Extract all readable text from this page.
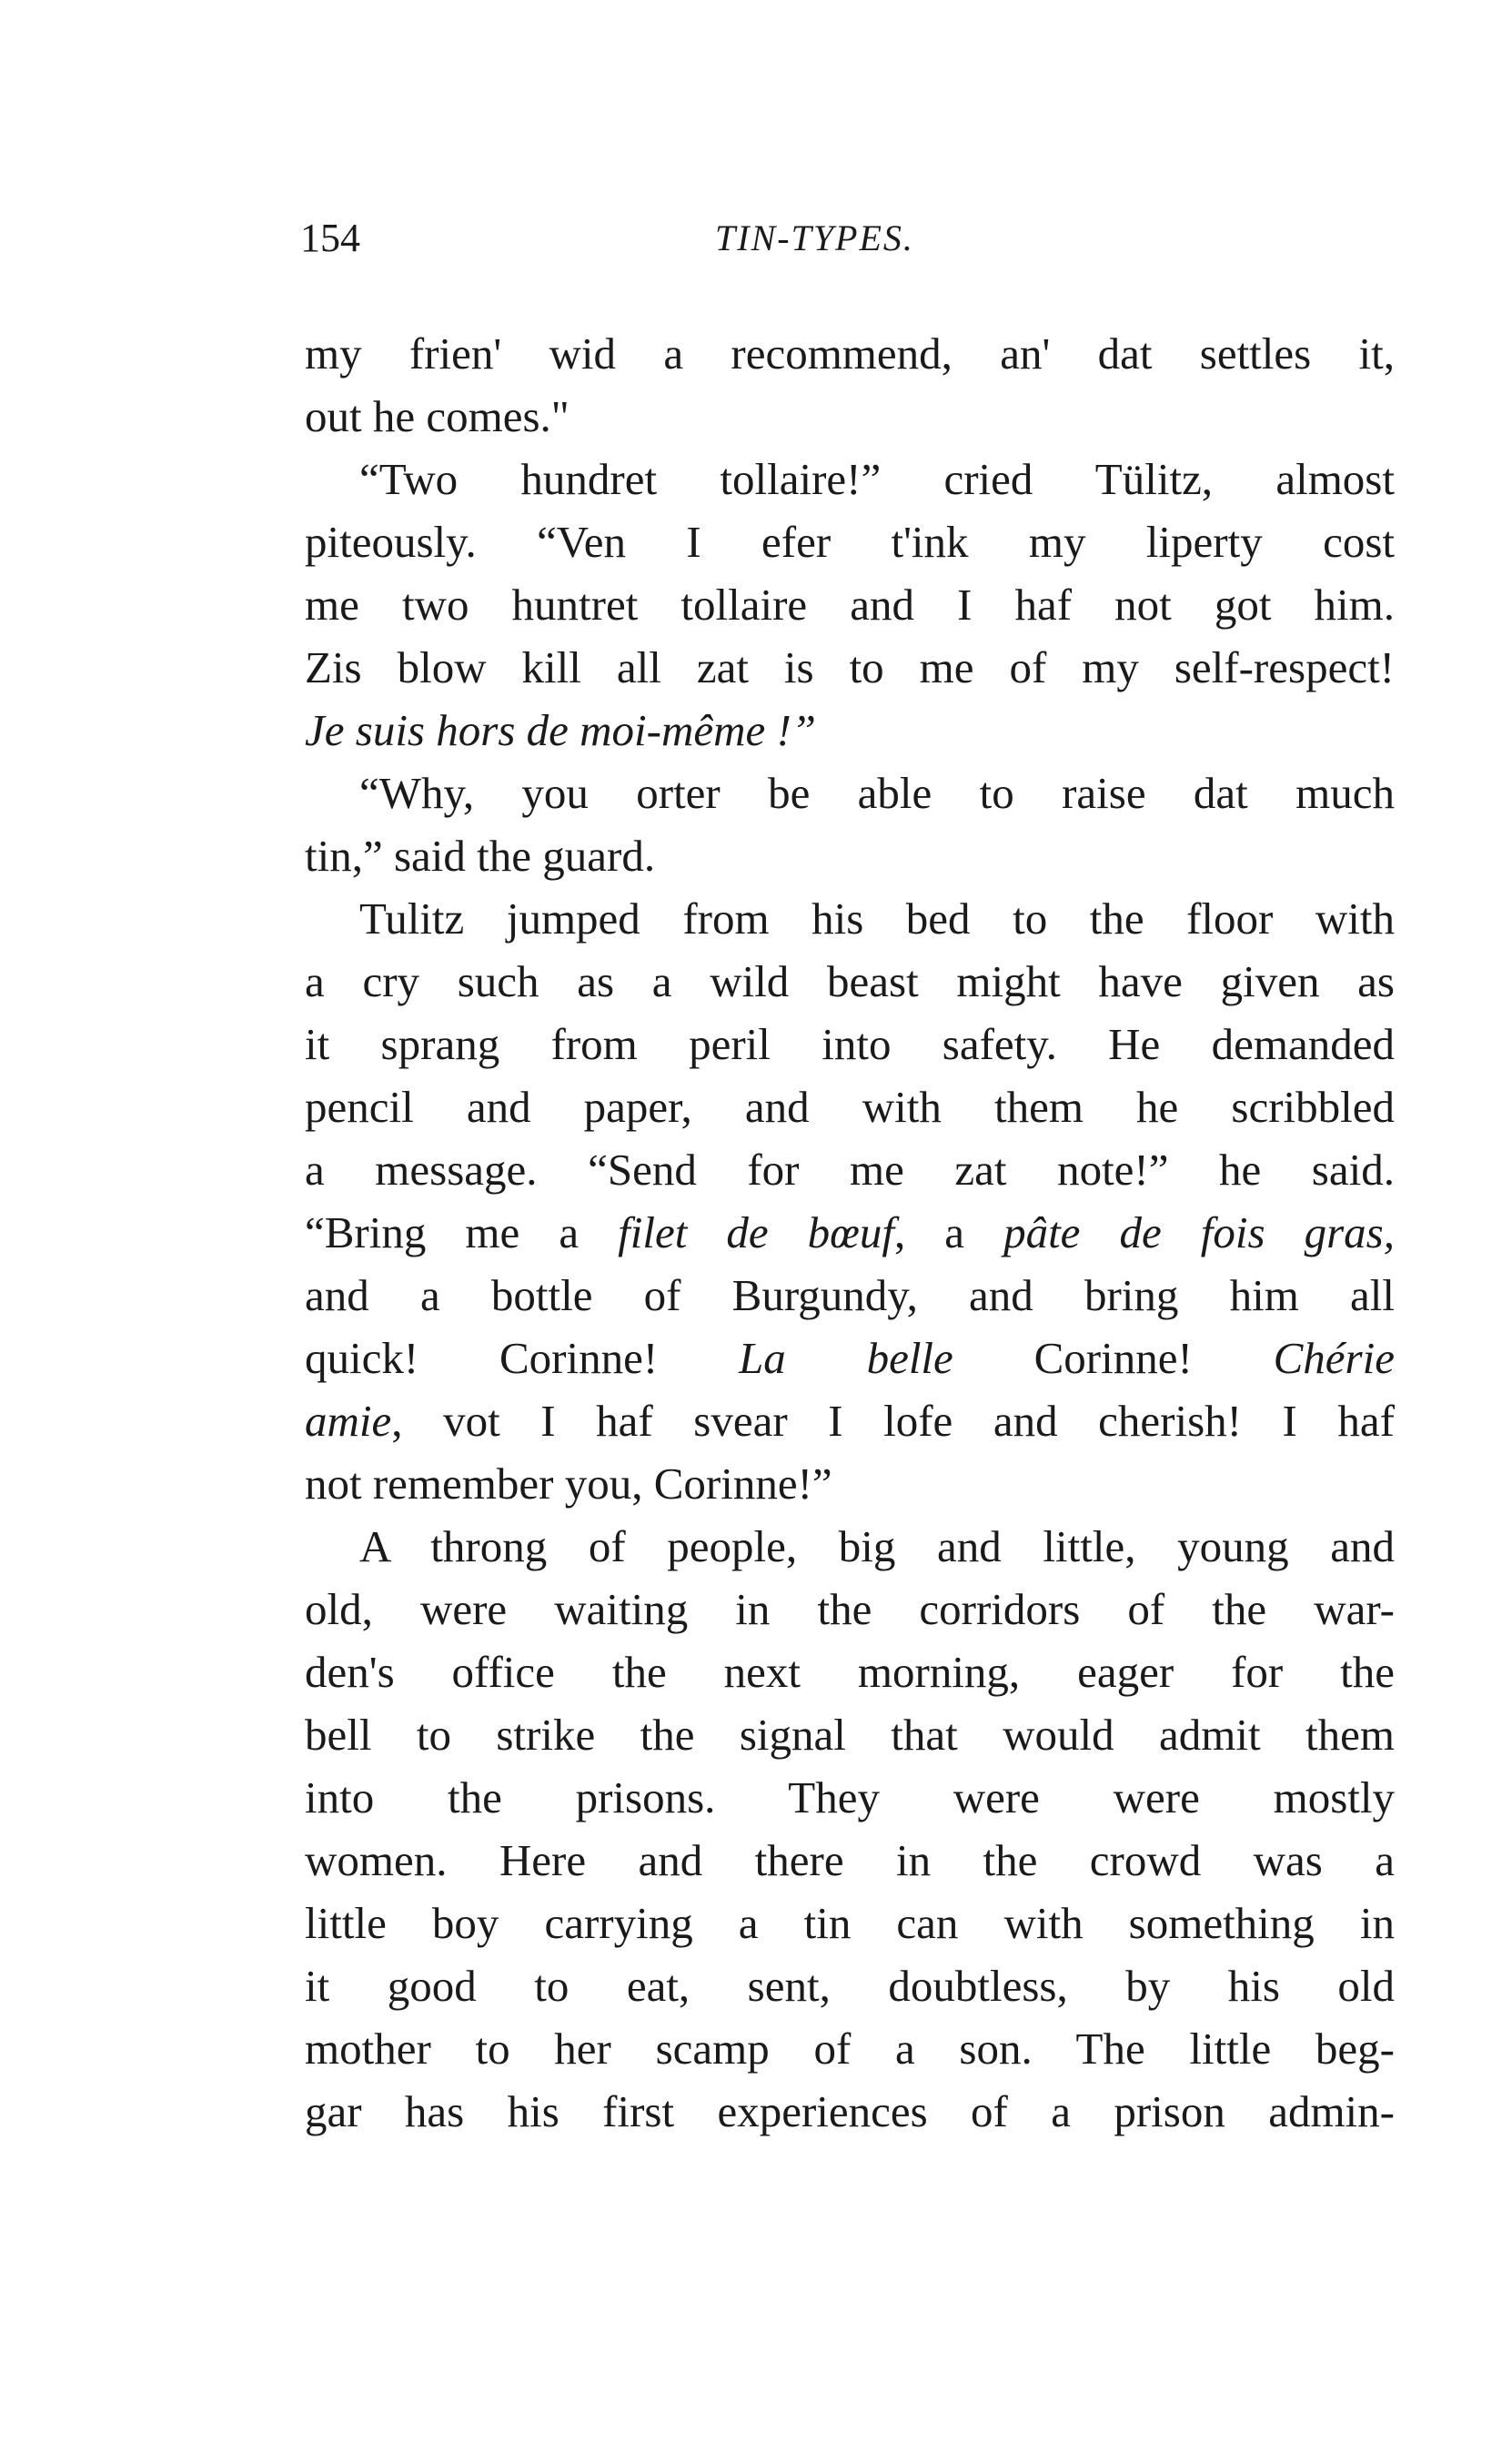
154	TIN-TYPES.
my frien' wid a recommend, an' dat settles it,
out he comes."
“Two hundret tollaire!” cried Tülitz, almost
piteously. “Ven I efer t'ink my liperty cost
me two huntret tollaire and I haf not got him.
Zis blow kill all zat is to me of my self-respect!
Je suis hors de moi-même !”
“Why, you orter be able to raise dat much
tin,” said the guard.
Tulitz jumped from his bed to the floor with
a cry such as a wild beast might have given as
it sprang from peril into safety. He demanded
pencil and paper, and with them he scribbled
a message. “Send for me zat note!” he said.
“Bring me a filet de bœuf, a pâte de fois gras,
and a bottle of Burgundy, and bring him all
quick! Corinne! La belle Corinne! Chérie
amie, vot I haf svear I lofe and cherish! I haf
not remember you, Corinne!”
A throng of people, big and little, young and
old, were waiting in the corridors of the war-
den's office the next morning, eager for the
bell to strike the signal that would admit them
into the prisons. They were were mostly
women. Here and there in the crowd was a
little boy carrying a tin can with something in
it good to eat, sent, doubtless, by his old
mother to her scamp of a son. The little beg-
gar has his first experiences of a prison admin-
